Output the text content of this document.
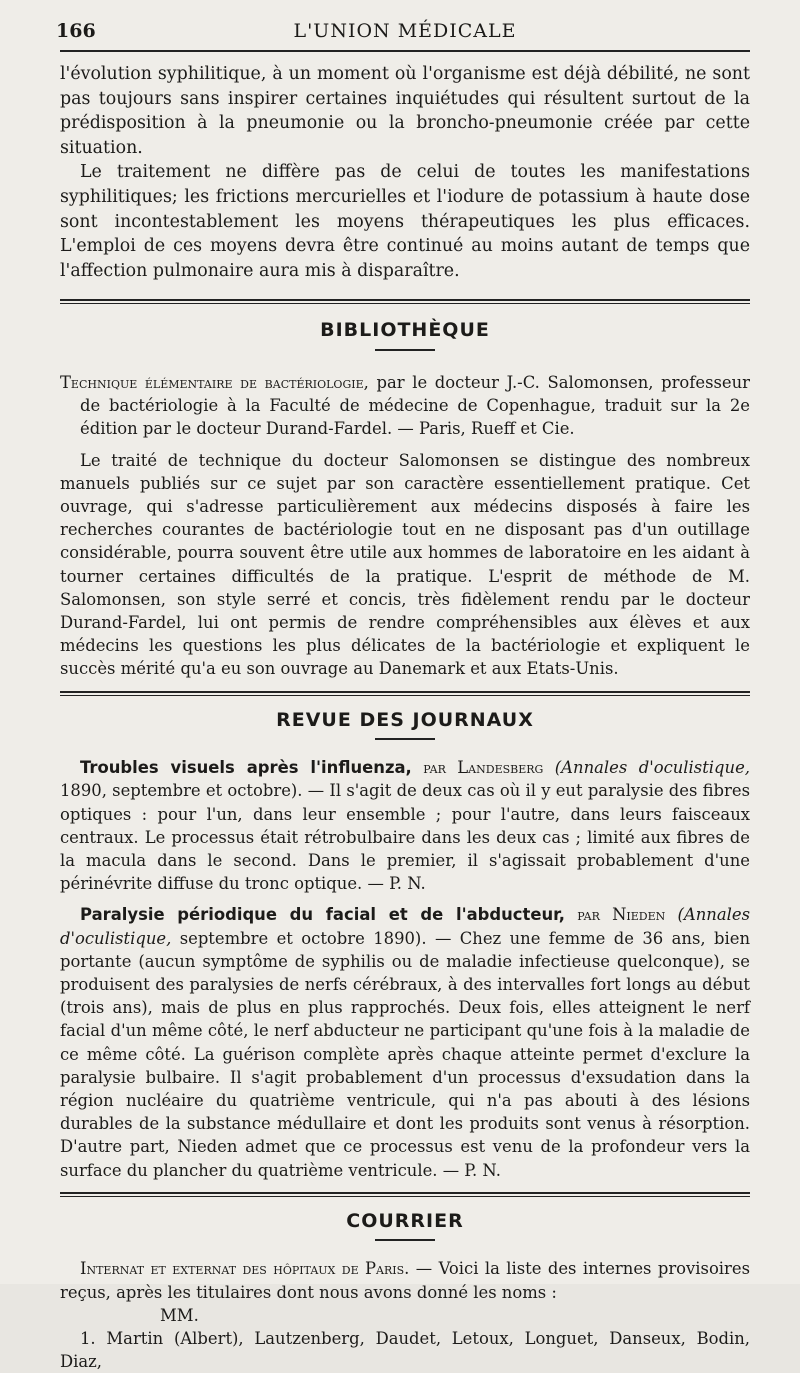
166	L'UNION MÉDICALE

l'évolution syphilitique, à un moment où l'organisme est déjà débilité, ne sont pas toujours sans inspirer certaines inquiétudes qui résultent surtout de la prédisposition à la pneumonie ou la broncho-pneumonie créée par cette situation.

Le traitement ne diffère pas de celui de toutes les manifestations syphilitiques; les frictions mercurielles et l'iodure de potassium à haute dose sont incontestablement les moyens thérapeutiques les plus efficaces. L'emploi de ces moyens devra être continué au moins autant de temps que l'affection pulmonaire aura mis à disparaître.

BIBLIOTHÈQUE

Technique élémentaire de bactériologie, par le docteur J.-C. Salomonsen, professeur de bactériologie à la Faculté de médecine de Copenhague, traduit sur la 2e édition par le docteur Durand-Fardel. — Paris, Rueff et Cie.

Le traité de technique du docteur Salomonsen se distingue des nombreux manuels publiés sur ce sujet par son caractère essentiellement pratique. Cet ouvrage, qui s'adresse particulièrement aux médecins disposés à faire les recherches courantes de bactériologie tout en ne disposant pas d'un outillage considérable, pourra souvent être utile aux hommes de laboratoire en les aidant à tourner certaines difficultés de la pratique. L'esprit de méthode de M. Salomonsen, son style serré et concis, très fidèlement rendu par le docteur Durand-Fardel, lui ont permis de rendre compréhensibles aux élèves et aux médecins les questions les plus délicates de la bactériologie et expliquent le succès mérité qu'a eu son ouvrage au Danemark et aux Etats-Unis.

REVUE DES JOURNAUX

Troubles visuels après l'influenza, par Landesberg (Annales d'oculistique, 1890, septembre et octobre). — Il s'agit de deux cas où il y eut paralysie des fibres optiques : pour l'un, dans leur ensemble ; pour l'autre, dans leurs faisceaux centraux. Le processus était rétrobulbaire dans les deux cas ; limité aux fibres de la macula dans le second. Dans le premier, il s'agissait probablement d'une périnévrite diffuse du tronc optique. — P. N.

Paralysie périodique du facial et de l'abducteur, par Nieden (Annales d'oculistique, septembre et octobre 1890). — Chez une femme de 36 ans, bien portante (aucun symptôme de syphilis ou de maladie infectieuse quelconque), se produisent des paralysies de nerfs cérébraux, à des intervalles fort longs au début (trois ans), mais de plus en plus rapprochés. Deux fois, elles atteignent le nerf facial d'un même côté, le nerf abducteur ne participant qu'une fois à la maladie de ce même côté. La guérison complète après chaque atteinte permet d'exclure la paralysie bulbaire. Il s'agit probablement d'un processus d'exsudation dans la région nucléaire du quatrième ventricule, qui n'a pas abouti à des lésions durables de la substance médullaire et dont les produits sont venus à résorption. D'autre part, Nieden admet que ce processus est venu de la profondeur vers la surface du plancher du quatrième ventricule. — P. N.

COURRIER

Internat et externat des hôpitaux de Paris. — Voici la liste des internes provisoires reçus, après les titulaires dont nous avons donné les noms :

MM.

1. Martin (Albert), Lautzenberg, Daudet, Letoux, Longuet, Danseux, Bodin, Diaz,
